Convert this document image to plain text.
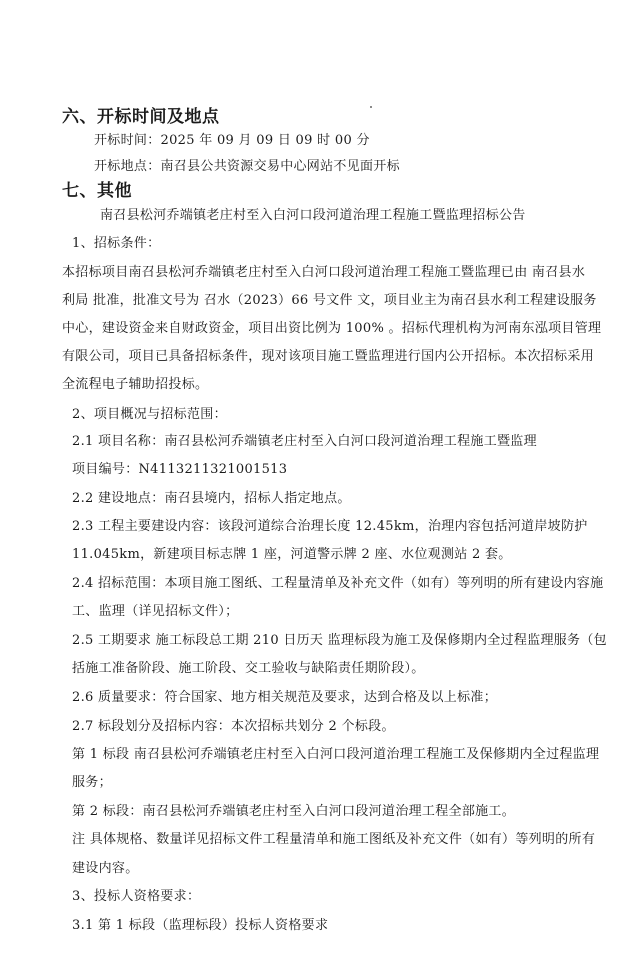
六、开标时间及地点
开标时间：2025 年 09 月 09 日 09 时 00 分
开标地点：南召县公共资源交易中心网站不见面开标
七、其他
南召县松河乔端镇老庄村至入白河口段河道治理工程施工暨监理招标公告
1、招标条件：
本招标项目南召县松河乔端镇老庄村至入白河口段河道治理工程施工暨监理已由 南召县水
利局 批准，批准文号为 召水（2023）66 号文件 文，项目业主为南召县水利工程建设服务
中心，建设资金来自财政资金，项目出资比例为 100% 。招标代理机构为河南东泓项目管理
有限公司，项目已具备招标条件，现对该项目施工暨监理进行国内公开招标。本次招标采用
全流程电子辅助招投标。
2、项目概况与招标范围：
2.1 项目名称：南召县松河乔端镇老庄村至入白河口段河道治理工程施工暨监理
项目编号：N4113211321001513
2.2 建设地点：南召县境内，招标人指定地点。
2.3 工程主要建设内容：该段河道综合治理长度 12.45km，治理内容包括河道岸坡防护
11.045km，新建项目标志牌 1 座，河道警示牌 2 座、水位观测站 2 套。
2.4 招标范围：本项目施工图纸、工程量清单及补充文件（如有）等列明的所有建设内容施
工、监理（详见招标文件）；
2.5 工期要求 施工标段总工期 210 日历天 监理标段为施工及保修期内全过程监理服务（包
括施工准备阶段、施工阶段、交工验收与缺陷责任期阶段）。
2.6 质量要求：符合国家、地方相关规范及要求，达到合格及以上标准；
2.7 标段划分及招标内容：本次招标共划分 2 个标段。
第 1 标段 南召县松河乔端镇老庄村至入白河口段河道治理工程施工及保修期内全过程监理
服务；
第 2 标段：南召县松河乔端镇老庄村至入白河口段河道治理工程全部施工。
注 具体规格、数量详见招标文件工程量清单和施工图纸及补充文件（如有）等列明的所有
建设内容。
3、投标人资格要求：
3.1 第 1 标段（监理标段）投标人资格要求
